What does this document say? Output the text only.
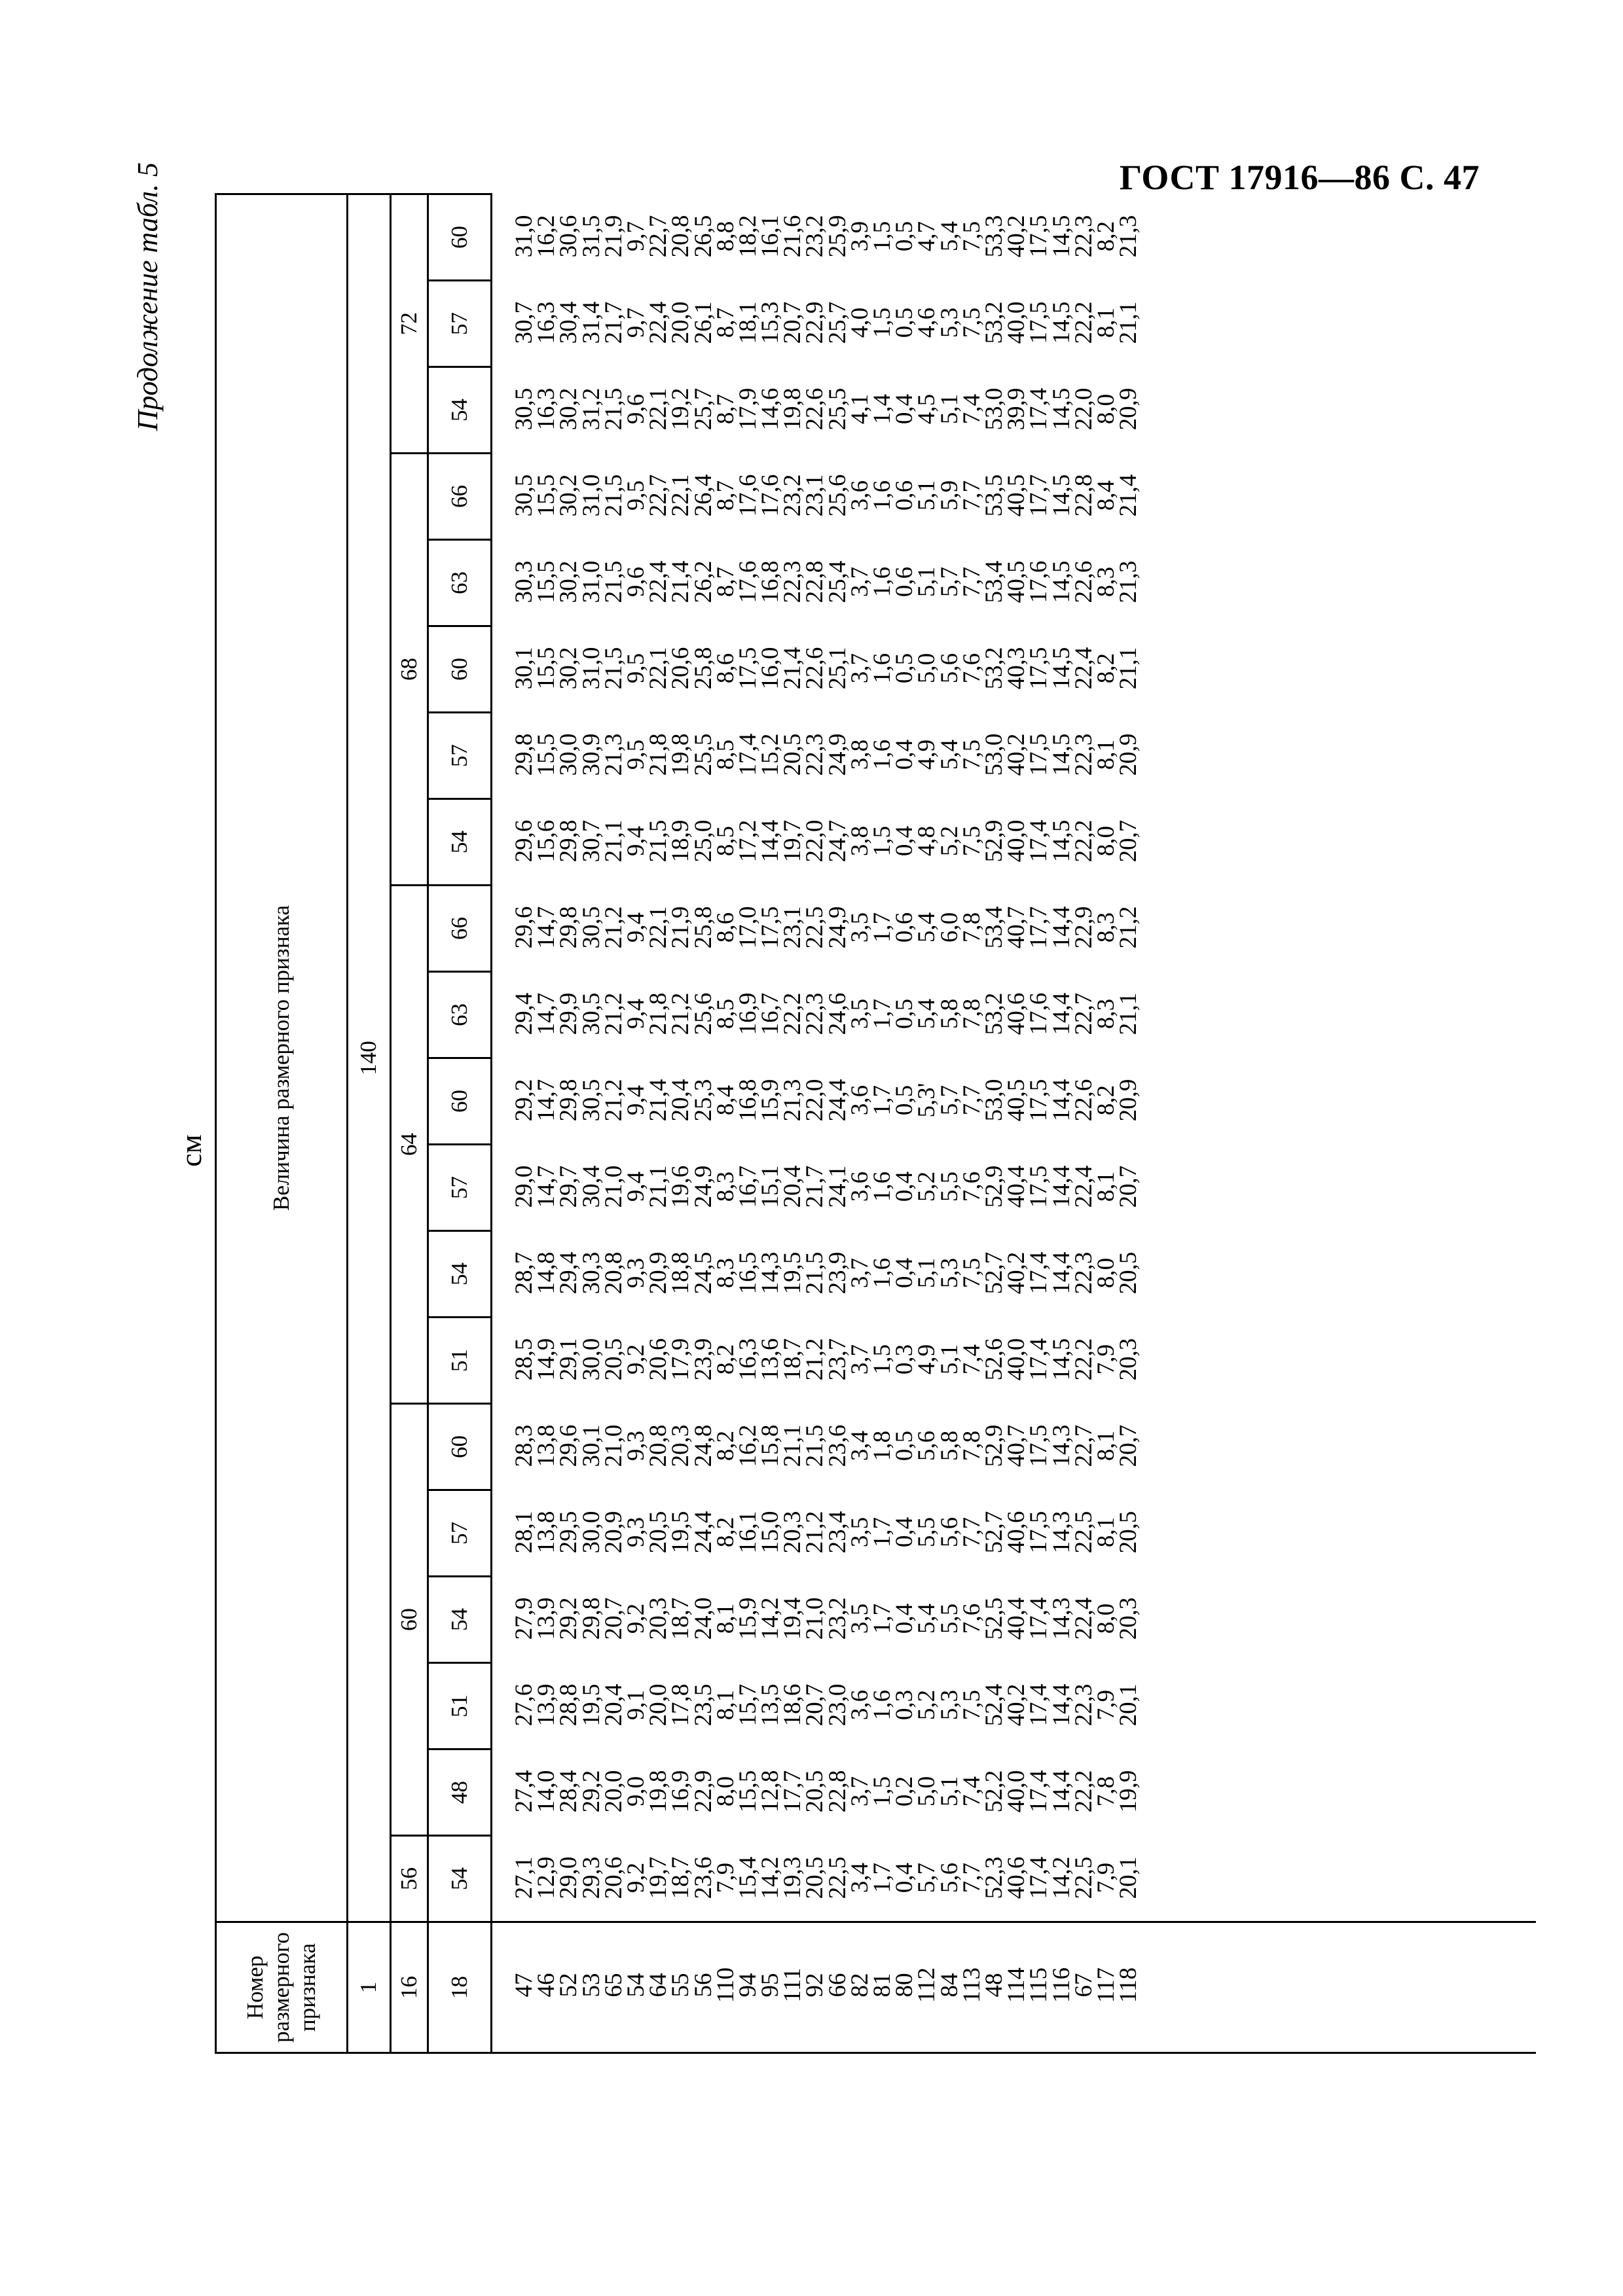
ГОСТ 17916—86 С. 47
Продолжение табл. 5
см
Номер размерного признака
Величина размерного признака
1
140
16	18
56
60
64
68
72
54
48
51
54
57
60
51
54
57
60
63
66
54
57
60
63
66
54
57
60
47
46
52
53
65
54
64
55
56
110
94
95
111
92
66
82
81
80
112
84
113
48
114
115
116
67
117
118
27,1
12,9
29,0
29,3
20,6
9,2
19,7
18,7
23,6
7,9
15,4
14,2
19,3
20,5
22,5
3,4
1,7
0,4
5,7
5,6
7,7
52,3
40,6
17,4
14,2
22,5
7,9
20,1
27,4
14,0
28,4
29,2
20,0
9,0
19,8
16,9
22,9
8,0
15,5
12,8
17,7
20,5
22,8
3,7
1,5
0,2
5,0
5,1
7,4
52,2
40,0
17,4
14,4
22,2
7,8
19,9
27,6
13,9
28,8
19,5
20,4
9,1
20,0
17,8
23,5
8,1
15,7
13,5
18,6
20,7
23,0
3,6
1,6
0,3
5,2
5,3
7,5
52,4
40,2
17,4
14,4
22,3
7,9
20,1
27,9
13,9
29,2
29,8
20,7
9,2
20,3
18,7
24,0
8,1
15,9
14,2
19,4
21,0
23,2
3,5
1,7
0,4
5,4
5,5
7,6
52,5
40,4
17,4
14,3
22,4
8,0
20,3
28,1
13,8
29,5
30,0
20,9
9,3
20,5
19,5
24,4
8,2
16,1
15,0
20,3
21,2
23,4
3,5
1,7
0,4
5,5
5,6
7,7
52,7
40,6
17,5
14,3
22,5
8,1
20,5
28,3
13,8
29,6
30,1
21,0
9,3
20,8
20,3
24,8
8,2
16,2
15,8
21,1
21,5
23,6
3,4
1,8
0,5
5,6
5,8
7,8
52,9
40,7
17,5
14,3
22,7
8,1
20,7
28,5
14,9
29,1
30,0
20,5
9,2
20,6
17,9
23,9
8,2
16,3
13,6
18,7
21,2
23,7
3,7
1,5
0,3
4,9
5,1
7,4
52,6
40,0
17,4
14,5
22,2
7,9
20,3
28,7
14,8
29,4
30,3
20,8
9,3
20,9
18,8
24,5
8,3
16,5
14,3
19,5
21,5
23,9
3,7
1,6
0,4
5,1
5,3
7,5
52,7
40,2
17,4
14,4
22,3
8,0
20,5
29,0
14,7
29,7
30,4
21,0
9,4
21,1
19,6
24,9
8,3
16,7
15,1
20,4
21,7
24,1
3,6
1,6
0,4
5,2
5,5
7,6
52,9
40,4
17,5
14,4
22,4
8,1
20,7
29,2
14,7
29,8
30,5
21,2
9,4
21,4
20,4
25,3
8,4
16,8
15,9
21,3
22,0
24,4
3,6
1,7
0,5
5,3'
5,7
7,7
53,0
40,5
17,5
14,4
22,6
8,2
20,9
29,4
14,7
29,9
30,5
21,2
9,4
21,8
21,2
25,6
8,5
16,9
16,7
22,2
22,3
24,6
3,5
1,7
0,5
5,4
5,8
7,8
53,2
40,6
17,6
14,4
22,7
8,3
21,1
29,6
14,7
29,8
30,5
21,2
9,4
22,1
21,9
25,8
8,6
17,0
17,5
23,1
22,5
24,9
3,5
1,7
0,6
5,4
6,0
7,8
53,4
40,7
17,7
14,4
22,9
8,3
21,2
29,6
15,6
29,8
30,7
21,1
9,4
21,5
18,9
25,0
8,5
17,2
14,4
19,7
22,0
24,7
3,8
1,5
0,4
4,8
5,2
7,5
52,9
40,0
17,4
14,5
22,2
8,0
20,7
29,8
15,5
30,0
30,9
21,3
9,5
21,8
19,8
25,5
8,5
17,4
15,2
20,5
22,3
24,9
3,8
1,6
0,4
4,9
5,4
7,5
53,0
40,2
17,5
14,5
22,3
8,1
20,9
30,1
15,5
30,2
31,0
21,5
9,5
22,1
20,6
25,8
8,6
17,5
16,0
21,4
22,6
25,1
3,7
1,6
0,5
5,0
5,6
7,6
53,2
40,3
17,5
14,5
22,4
8,2
21,1
30,3
15,5
30,2
31,0
21,5
9,6
22,4
21,4
26,2
8,7
17,6
16,8
22,3
22,8
25,4
3,7
1,6
0,6
5,1
5,7
7,7
53,4
40,5
17,6
14,5
22,6
8,3
21,3
30,5
15,5
30,2
31,0
21,5
9,5
22,7
22,1
26,4
8,7
17,6
17,6
23,2
23,1
25,6
3,6
1,6
0,6
5,1
5,9
7,7
53,5
40,5
17,7
14,5
22,8
8,4
21,4
30,5
16,3
30,2
31,2
21,5
9,6
22,1
19,2
25,7
8,7
17,9
14,6
19,8
22,6
25,5
4,1
1,4
0,4
4,5
5,1
7,4
53,0
39,9
17,4
14,5
22,0
8,0
20,9
30,7
16,3
30,4
31,4
21,7
9,7
22,4
20,0
26,1
8,7
18,1
15,3
20,7
22,9
25,7
4,0
1,5
0,5
4,6
5,3
7,5
53,2
40,0
17,5
14,5
22,2
8,1
21,1
31,0
16,2
30,6
31,5
21,9
9,7
22,7
20,8
26,5
8,8
18,2
16,1
21,6
23,2
25,9
3,9
1,5
0,5
4,7
5,4
7,5
53,3
40,2
17,5
14,5
22,3
8,2
21,3
